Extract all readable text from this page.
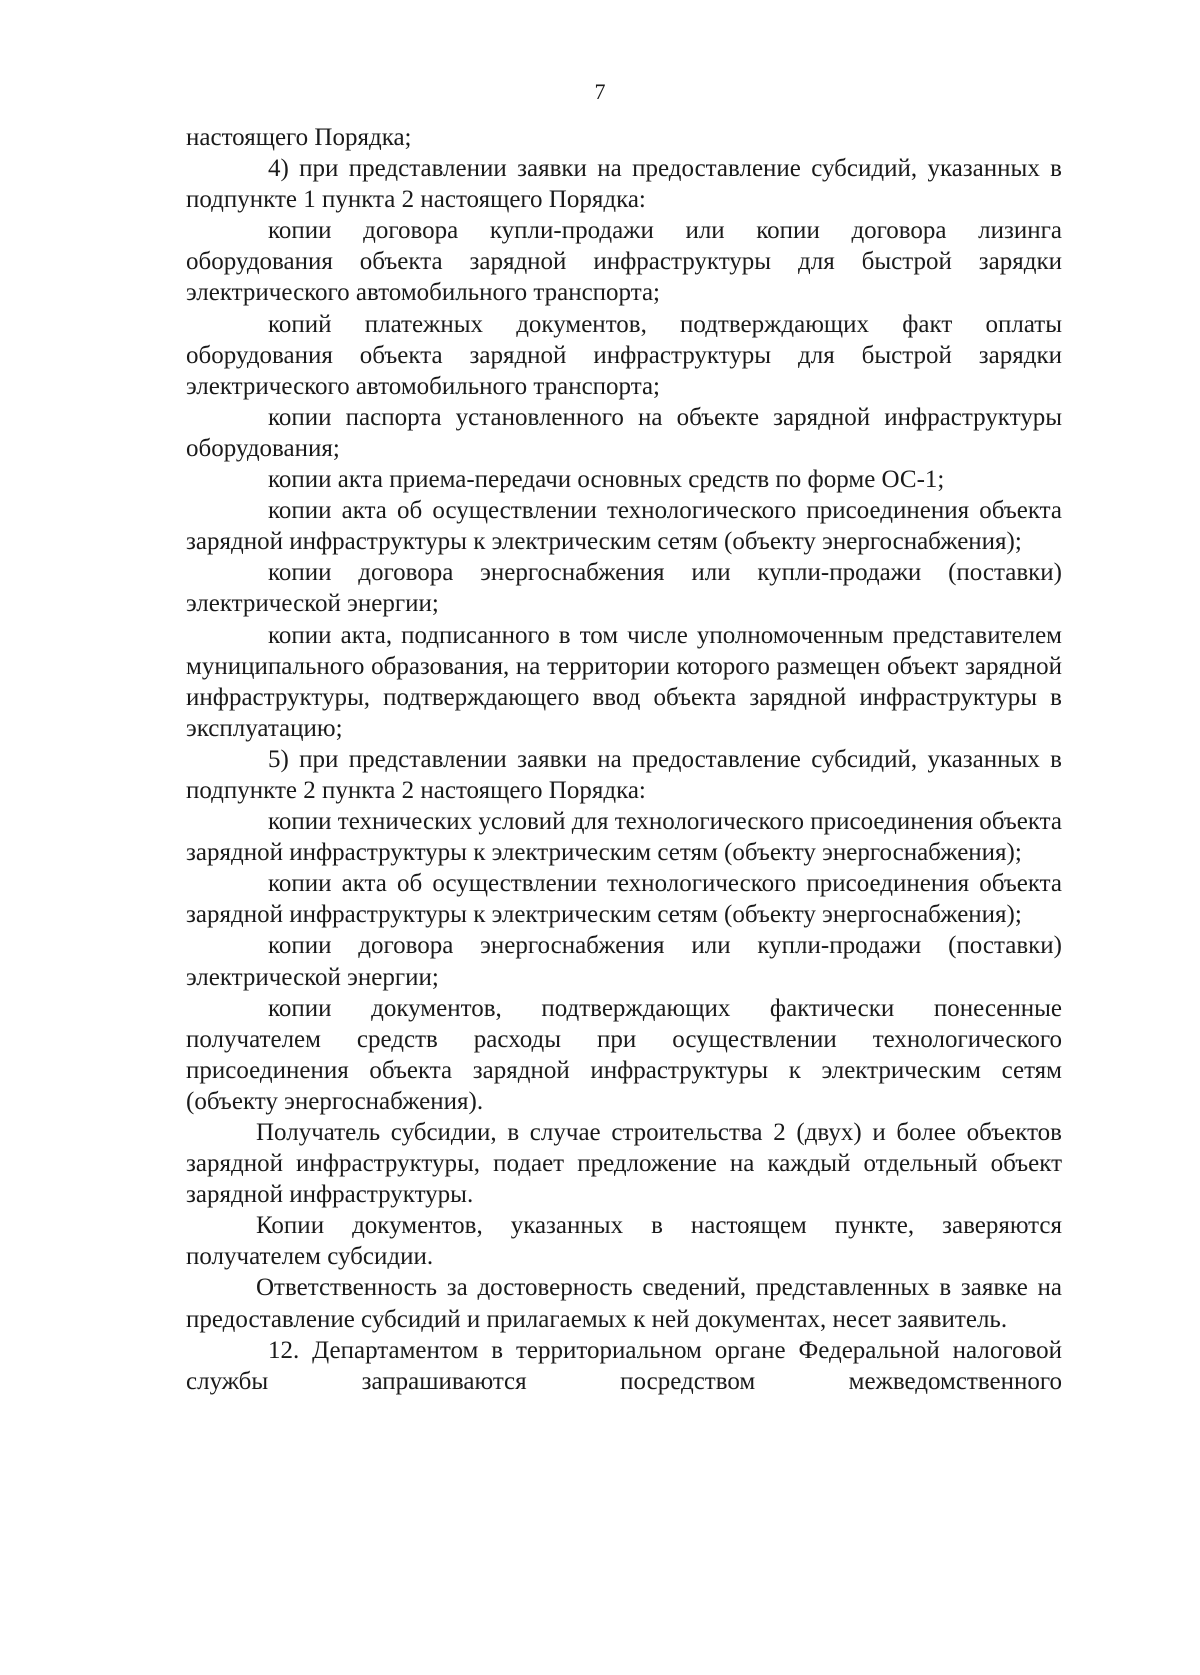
7

настоящего Порядка;

4) при представлении заявки на предоставление субсидий, указанных в подпункте 1 пункта 2 настоящего Порядка:

копии договора купли-продажи или копии договора лизинга оборудования объекта зарядной инфраструктуры для быстрой зарядки электрического автомобильного транспорта;

копий платежных документов, подтверждающих факт оплаты оборудования объекта зарядной инфраструктуры для быстрой зарядки электрического автомобильного транспорта;

копии паспорта установленного на объекте зарядной инфраструктуры оборудования;

копии акта приема-передачи основных средств по форме ОС-1;

копии акта об осуществлении технологического присоединения объекта зарядной инфраструктуры к электрическим сетям (объекту энергоснабжения);

копии договора энергоснабжения или купли-продажи (поставки) электрической энергии;

копии акта, подписанного в том числе уполномоченным представителем муниципального образования, на территории которого размещен объект зарядной инфраструктуры, подтверждающего ввод объекта зарядной инфраструктуры в эксплуатацию;

5) при представлении заявки на предоставление субсидий, указанных в подпункте 2 пункта 2 настоящего Порядка:

копии технических условий для технологического присоединения объекта зарядной инфраструктуры к электрическим сетям (объекту энергоснабжения);

копии акта об осуществлении технологического присоединения объекта зарядной инфраструктуры к электрическим сетям (объекту энергоснабжения);

копии договора энергоснабжения или купли-продажи (поставки) электрической энергии;

копии документов, подтверждающих фактически понесенные получателем средств расходы при осуществлении технологического присоединения объекта зарядной инфраструктуры к электрическим сетям (объекту энергоснабжения).

Получатель субсидии, в случае строительства 2 (двух) и более объектов зарядной инфраструктуры, подает предложение на каждый отдельный объект зарядной инфраструктуры.

Копии документов, указанных в настоящем пункте, заверяются получателем субсидии.

Ответственность за достоверность сведений, представленных в заявке на предоставление субсидий и прилагаемых к ней документах, несет заявитель.

12. Департаментом в территориальном органе Федеральной налоговой службы запрашиваются посредством межведомственного
